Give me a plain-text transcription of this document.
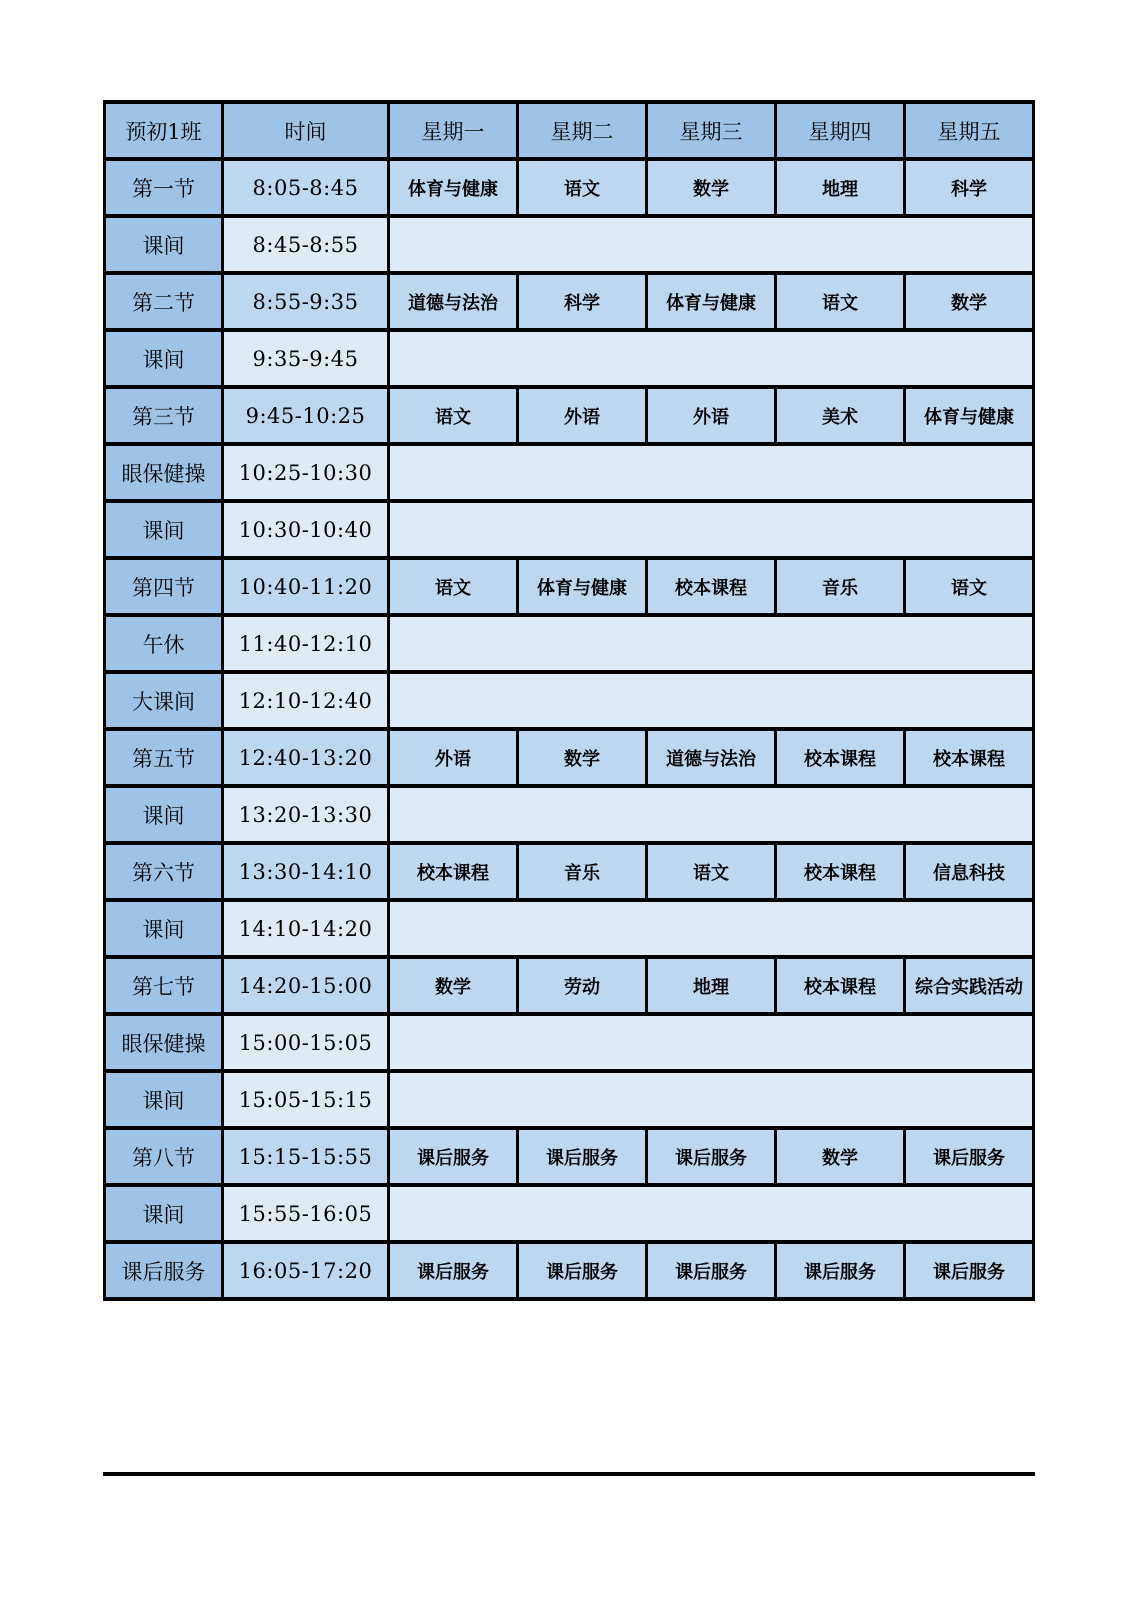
预初1班	时间	星期一	星期二	星期三	星期四	星期五
第一节	8:05-8:45	体育与健康	语文	数学	地理	科学
课间	8:45-8:55					
第二节	8:55-9:35	道德与法治	科学	体育与健康	语文	数学
课间	9:35-9:45					
第三节	9:45-10:25	语文	外语	外语	美术	体育与健康
眼保健操	10:25-10:30					
课间	10:30-10:40					
第四节	10:40-11:20	语文	体育与健康	校本课程	音乐	语文
午休	11:40-12:10					
大课间	12:10-12:40					
第五节	12:40-13:20	外语	数学	道德与法治	校本课程	校本课程
课间	13:20-13:30					
第六节	13:30-14:10	校本课程	音乐	语文	校本课程	信息科技
课间	14:10-14:20					
第七节	14:20-15:00	数学	劳动	地理	校本课程	综合实践活动
眼保健操	15:00-15:05					
课间	15:05-15:15					
第八节	15:15-15:55	课后服务	课后服务	课后服务	数学	课后服务
课间	15:55-16:05					
课后服务	16:05-17:20	课后服务	课后服务	课后服务	课后服务	课后服务
